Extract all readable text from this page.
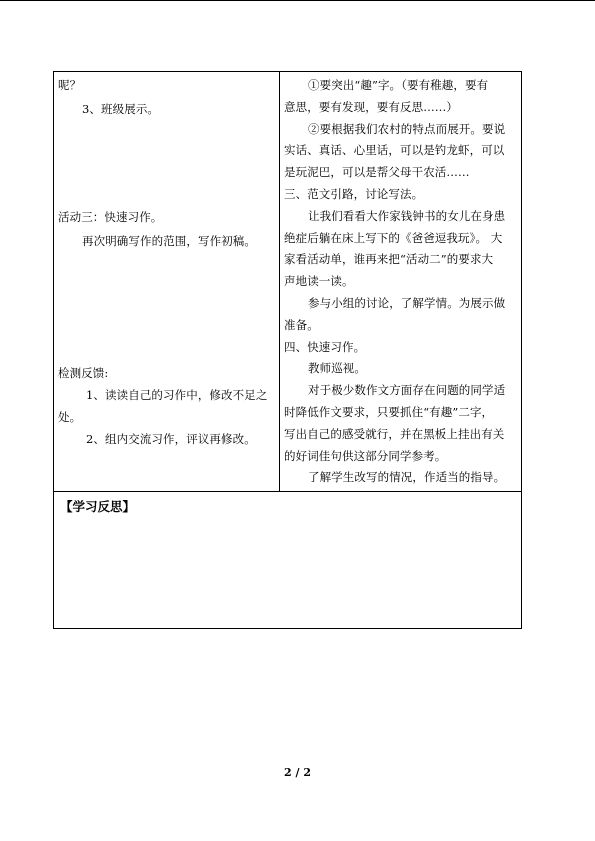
呢？
3、班级展示。
活动三：快速习作。
再次明确写作的范围，写作初稿。
检测反馈:
1、读读自己的习作中，修改不足之
处。
2、组内交流习作，评议再修改。
①要突出“趣”字。（要有稚趣，要有
意思，要有发现，要有反思……）
②要根据我们农村的特点而展开。要说
实话、真话、心里话，可以是钓龙虾，可以
是玩泥巴，可以是帮父母干农活……
三、范文引路，讨论写法。
让我们看看大作家钱钟书的女儿在身患
绝症后躺在床上写下的《爸爸逗我玩》。 大
家看活动单，谁再来把“活动二”的要求大
声地读一读。
参与小组的讨论，了解学情。为展示做
准备。
四、快速习作。
教师巡视。
对于极少数作文方面存在问题的同学适
时降低作文要求，只要抓住“有趣”二字，
写出自己的感受就行，并在黑板上挂出有关
的好词佳句供这部分同学参考。
了解学生改写的情况，作适当的指导。
【学习反思】
2 / 2
